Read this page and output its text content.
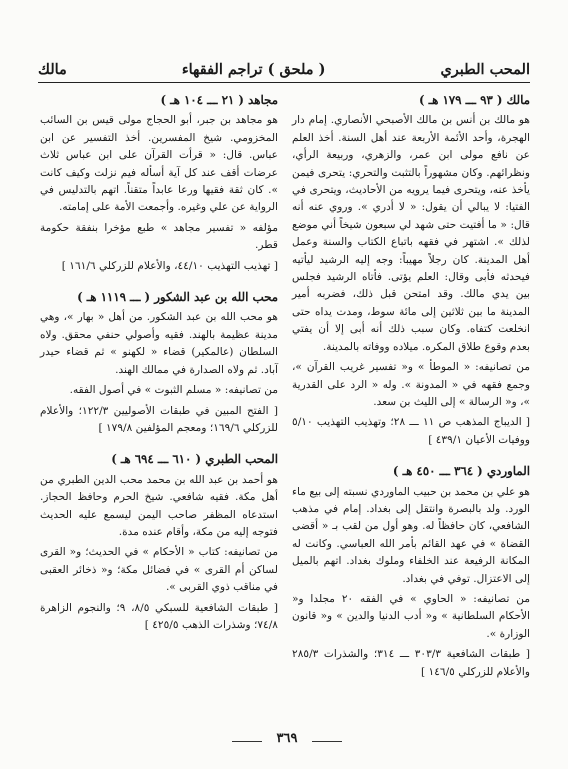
مالك	( ملحق ) تراجم الفقهاء	المحب الطبري

مالك ( ٩٣ ـــ ١٧٩ هـ )

هو مالك بن أنس بن مالك الأصبحي الأنصاري. إمام دار الهجرة، وأحد الأئمة الأربعة عند أهل السنة. أخذ العلم عن نافع مولى ابن عمر، والزهري، وربيعة الرأي، ونظرائهم. وكان مشهوراً بالتثبت والتحري: يتحرى فيمن يأخذ عنه، ويتحرى فيما يرويه من الأحاديث، ويتحرى في الفتيا: لا يبالي أن يقول: « لا أدري ». وروي عنه أنه قال: « ما أفتيت حتى شهد لي سبعون شيخاً أني موضع لذلك ». اشتهر في فقهه باتباع الكتاب والسنة وعمل أهل المدينة. كان رجلاً مهيباً: وجه إليه الرشيد ليأتيه فيحدثه فأبى وقال: العلم يؤتى. فأتاه الرشيد فجلس بين يدي مالك. وقد امتحن قبل ذلك، فضربه أمير المدينة ما بين ثلاثين إلى مائة سوط، ومدت يداه حتى انخلعت كتفاه. وكان سبب ذلك أنه أبى إلا أن يفتي بعدم وقوع طلاق المكره. ميلاده ووفاته بالمدينة.

من تصانيفه: « الموطأ » و« تفسير غريب القرآن »، وجمع فقهه في « المدونة ». وله « الرد على القدرية »، و« الرسالة » إلى الليث بن سعد.

[ الديباج المذهب ص ١١ ـــ ٢٨؛ وتهذيب التهذيب ٥/١٠ ووفيات الأعيان ٤٣٩/١ ]

الماوردي ( ٣٦٤ ـــ ٤٥٠ هـ )

هو علي بن محمد بن حبيب الماوردي نسبته إلى بيع ماء الورد. ولد بالبصرة وانتقل إلى بغداد. إمام في مذهب الشافعي، كان حافظاً له. وهو أول من لقب بـ « أقضى القضاة » في عهد القائم بأمر الله العباسي. وكانت له المكانة الرفيعة عند الخلفاء وملوك بغداد. اتهم بالميل إلى الاعتزال. توفي في بغداد.

من تصانيفه: « الحاوي » في الفقه ٢٠ مجلدا و« الأحكام السلطانية » و« أدب الدنيا والدين » و« قانون الوزارة ».

[ طبقات الشافعية ٣٠٣/٣ ـــ ٣١٤؛ والشذرات ٢٨٥/٣ والأعلام للزركلي ١٤٦/٥ ]

مجاهد ( ٢١ ـــ ١٠٤ هـ )

هو مجاهد بن جبر، أبو الحجاج مولى قيس بن السائب المخزومي. شيخ المفسرين. أخذ التفسير عن ابن عباس. قال: « قرأت القرآن على ابن عباس ثلاث عرضات أقف عند كل آية أسأله فيم نزلت وكيف كانت ». كان ثقة فقيها ورعا عابداً متقناً. اتهم بالتدليس في الرواية عن علي وغيره. وأجمعت الأمة على إمامته.

مؤلفه « تفسير مجاهد » طبع مؤخرا بنفقة حكومة قطر.

[ تهذيب التهذيب ٤٤/١٠، والأعلام للزركلي ١٦١/٦ ]

محب الله بن عبد الشكور ( ـــ ١١١٩ هـ )

هو محب الله بن عبد الشكور. من أهل « بهار »، وهي مدينة عظيمة بالهند. فقيه وأصولي حنفي محقق. ولاه السلطان (عالمكير) قضاء « لكهنو » ثم قضاء حيدر آباد. ثم ولاه الصدارة في ممالك الهند.

من تصانيفه: « مسلم الثبوت » في أصول الفقه.

[ الفتح المبين في طبقات الأصوليين ١٢٢/٣؛ والأعلام للزركلي ١٦٩/٦؛ ومعجم المؤلفين ١٧٩/٨ ]

المحب الطبري ( ٦١٠ ـــ ٦٩٤ هـ )

هو أحمد بن عبد الله بن محمد محب الدين الطبري من أهل مكة. فقيه شافعي. شيخ الحرم وحافظ الحجاز. استدعاه المظفر صاحب اليمن ليسمع عليه الحديث فتوجه إليه من مكة، وأقام عنده مدة.

من تصانيفه: كتاب « الأحكام » في الحديث؛ و« القرى لساكن أم القرى » في فضائل مكة؛ و« ذخائر العقبى في مناقب ذوي القربى ».

[ طبقات الشافعية للسبكي ٨/٥، ٩؛ والنجوم الزاهرة ٧٤/٨؛ وشذرات الذهب ٤٢٥/٥ ]

٣٦٩
